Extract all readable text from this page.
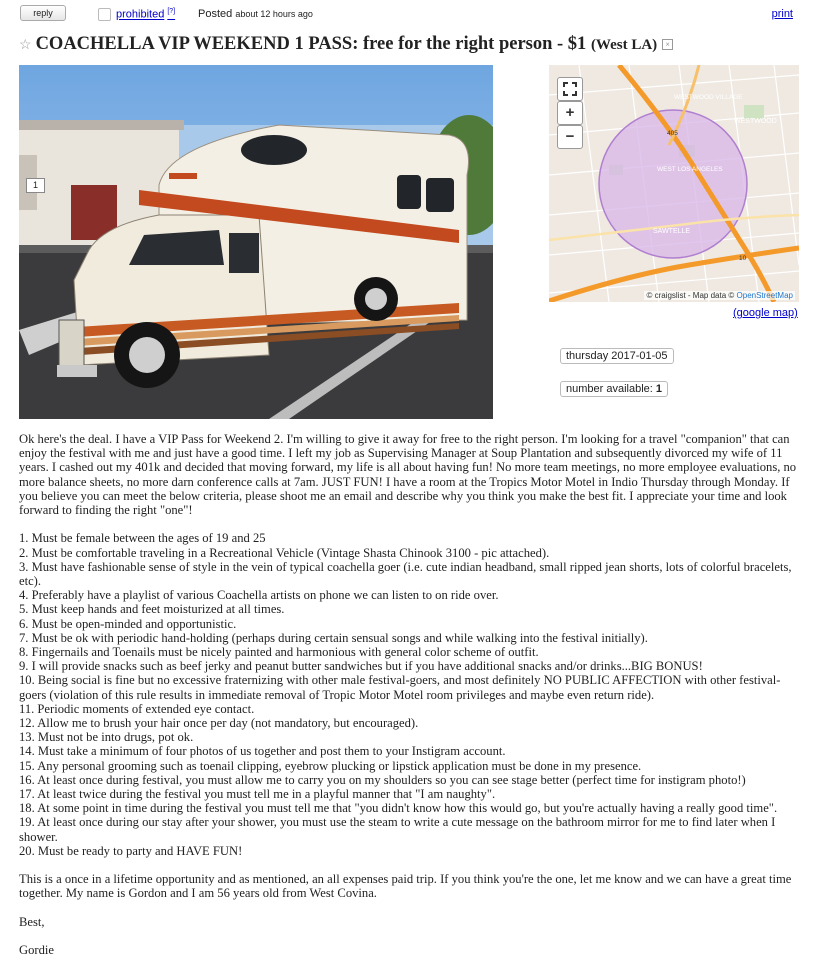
reply	prohibited [?] Posted about 12 hours ago	print
☆ COACHELLA VIP WEEKEND 1 PASS: free for the right person - $1 (West LA) ×
1
WESTWOOD VILLAGE
WESTWOOD
WEST LOS ANGELES
SAWTELLE
405
10
+
−
© craigslist - Map data © OpenStreetMap
(google map)
thursday 2017-01-05
number available: 1

Ok here's the deal. I have a VIP Pass for Weekend 2. I'm willing to give it away for free to the right person. I'm looking for a travel "companion" that can enjoy the festival with me and just have a good time. I left my job as Supervising Manager at Soup Plantation and subsequently divorced my wife of 11 years. I cashed out my 401k and decided that moving forward, my life is all about having fun! No more team meetings, no more employee evaluations, no more balance sheets, no more darn conference calls at 7am. JUST FUN! I have a room at the Tropics Motor Motel in Indio Thursday through Monday. If you believe you can meet the below criteria, please shoot me an email and describe why you think you make the best fit. I appreciate your time and look forward to finding the right "one"!

1. Must be female between the ages of 19 and 25
2. Must be comfortable traveling in a Recreational Vehicle (Vintage Shasta Chinook 3100 - pic attached).
3. Must have fashionable sense of style in the vein of typical coachella goer (i.e. cute indian headband, small ripped jean shorts, lots of colorful bracelets, etc).
4. Preferably have a playlist of various Coachella artists on phone we can listen to on ride over.
5. Must keep hands and feet moisturized at all times.
6. Must be open-minded and opportunistic.
7. Must be ok with periodic hand-holding (perhaps during certain sensual songs and while walking into the festival initially).
8. Fingernails and Toenails must be nicely painted and harmonious with general color scheme of outfit.
9. I will provide snacks such as beef jerky and peanut butter sandwiches but if you have additional snacks and/or drinks...BIG BONUS!
10. Being social is fine but no excessive fraternizing with other male festival-goers, and most definitely NO PUBLIC AFFECTION with other festival-goers (violation of this rule results in immediate removal of Tropic Motor Motel room privileges and maybe even return ride).
11. Periodic moments of extended eye contact.
12. Allow me to brush your hair once per day (not mandatory, but encouraged).
13. Must not be into drugs, pot ok.
14. Must take a minimum of four photos of us together and post them to your Instigram account.
15. Any personal grooming such as toenail clipping, eyebrow plucking or lipstick application must be done in my presence.
16. At least once during festival, you must allow me to carry you on my shoulders so you can see stage better (perfect time for instigram photo!)
17. At least twice during the festival you must tell me in a playful manner that "I am naughty".
18. At some point in time during the festival you must tell me that "you didn't know how this would go, but you're actually having a really good time".
19. At least once during our stay after your shower, you must use the steam to write a cute message on the bathroom mirror for me to find later when I shower.
20. Must be ready to party and HAVE FUN!

This is a once in a lifetime opportunity and as mentioned, an all expenses paid trip. If you think you're the one, let me know and we can have a great time together. My name is Gordon and I am 56 years old from West Covina.

Best,

Gordie
